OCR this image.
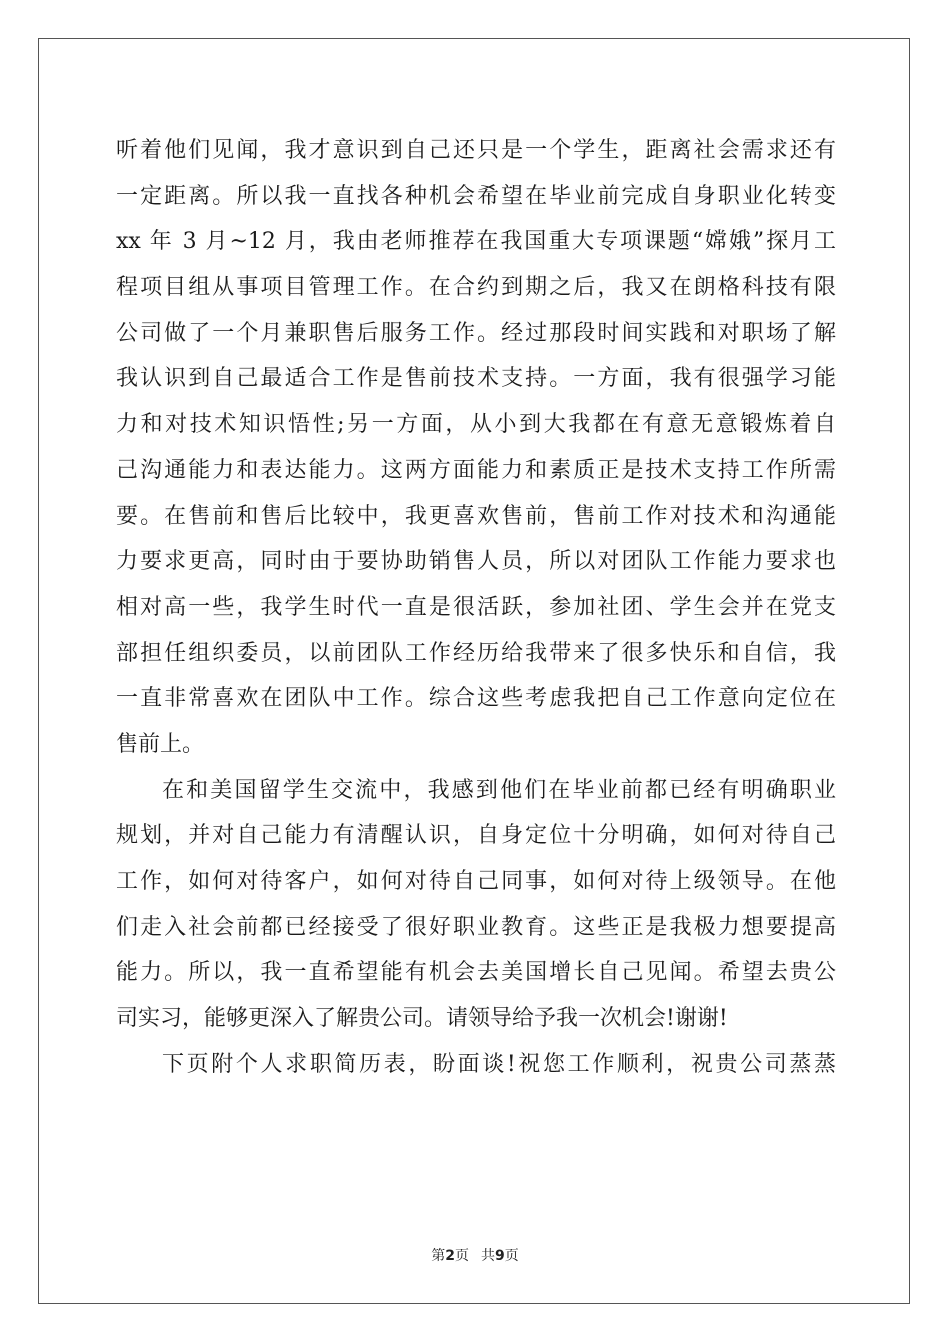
听着他们见闻，我才意识到自己还只是一个学生，距离社会需求还有
一定距离。所以我一直找各种机会希望在毕业前完成自身职业化转变
xx 年 3 月~12 月，我由老师推荐在我国重大专项课题“嫦娥”探月工
程项目组从事项目管理工作。在合约到期之后，我又在朗格科技有限
公司做了一个月兼职售后服务工作。经过那段时间实践和对职场了解
我认识到自己最适合工作是售前技术支持。一方面，我有很强学习能
力和对技术知识悟性;另一方面，从小到大我都在有意无意锻炼着自
己沟通能力和表达能力。这两方面能力和素质正是技术支持工作所需
要。在售前和售后比较中，我更喜欢售前，售前工作对技术和沟通能
力要求更高，同时由于要协助销售人员，所以对团队工作能力要求也
相对高一些，我学生时代一直是很活跃，参加社团、学生会并在党支
部担任组织委员，以前团队工作经历给我带来了很多快乐和自信，我
一直非常喜欢在团队中工作。综合这些考虑我把自己工作意向定位在
售前上。
在和美国留学生交流中，我感到他们在毕业前都已经有明确职业
规划，并对自己能力有清醒认识，自身定位十分明确，如何对待自己
工作，如何对待客户，如何对待自己同事，如何对待上级领导。在他
们走入社会前都已经接受了很好职业教育。这些正是我极力想要提高
能力。所以，我一直希望能有机会去美国增长自己见闻。希望去贵公
司实习，能够更深入了解贵公司。请领导给予我一次机会!谢谢!
下页附个人求职简历表，盼面谈!祝您工作顺利，祝贵公司蒸蒸
第2页 共9页
